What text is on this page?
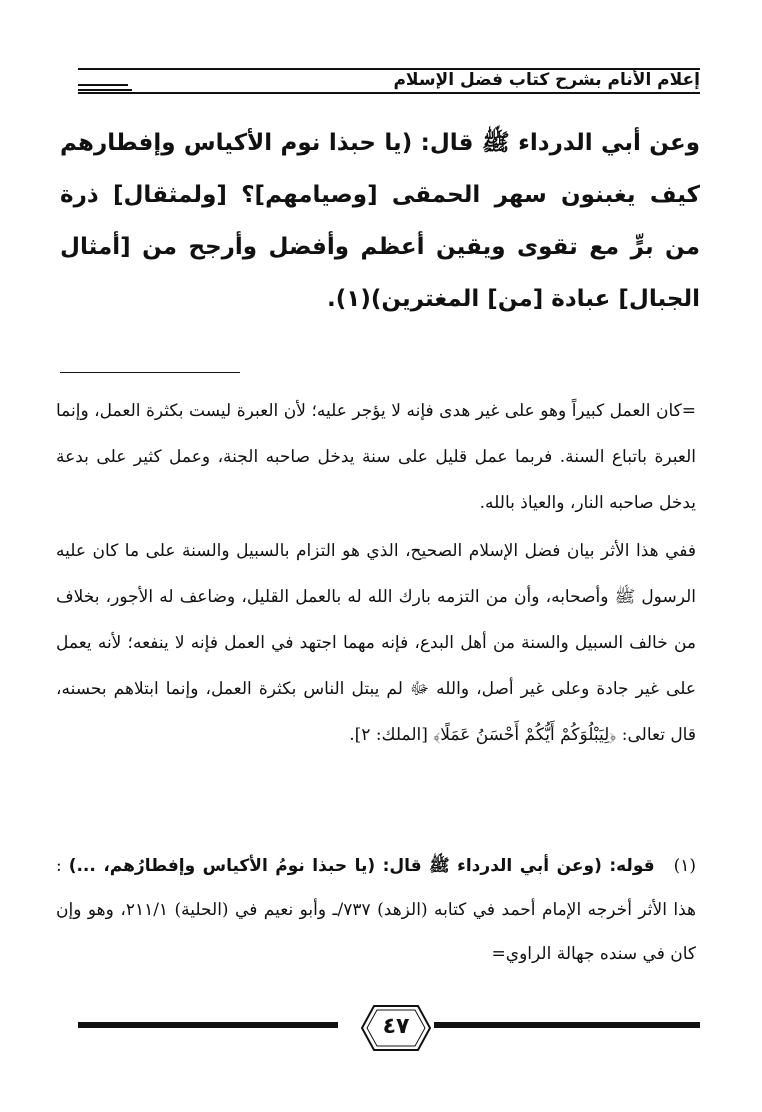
إعلام الأنام بشرح كتاب فضل الإسلام

وعن أبي الدرداء ﷺ قال: (يا حبذا نوم الأكياس وإفطارهم كيف يغبنون سهر الحمقى [وصيامهم]؟ [ولمثقال] ذرة من برٍّ مع تقوى ويقين أعظم وأفضل وأرجح من [أمثال الجبال] عبادة [من] المغترين)(١).

=كان العمل كبيراً وهو على غير هدى فإنه لا يؤجر عليه؛ لأن العبرة ليست بكثرة العمل، وإنما العبرة باتباع السنة. فربما عمل قليل على سنة يدخل صاحبه الجنة، وعمل كثير على بدعة يدخل صاحبه النار، والعياذ بالله.

ففي هذا الأثر بيان فضل الإسلام الصحيح، الذي هو التزام بالسبيل والسنة على ما كان عليه الرسول ﷺ وأصحابه، وأن من التزمه بارك الله له بالعمل القليل، وضاعف له الأجور، بخلاف من خالف السبيل والسنة من أهل البدع، فإنه مهما اجتهد في العمل فإنه لا ينفعه؛ لأنه يعمل على غير جادة وعلى غير أصل، والله ﷻ لم يبتل الناس بكثرة العمل، وإنما ابتلاهم بحسنه، قال تعالى: ﴿لِيَبْلُوَكُمْ أَيُّكُمْ أَحْسَنُ عَمَلًا﴾ [الملك: ٢].

(١) قوله: (وعن أبي الدرداء ﷺ قال: (يا حبذا نومُ الأكياس وإفطارُهم، ...) : هذا الأثر أخرجه الإمام أحمد في كتابه (الزهد) ٧٣٧/ـ وأبو نعيم في (الحلية) ٢١١/١، وهو وإن كان في سنده جهالة الراوي=
٤٧
